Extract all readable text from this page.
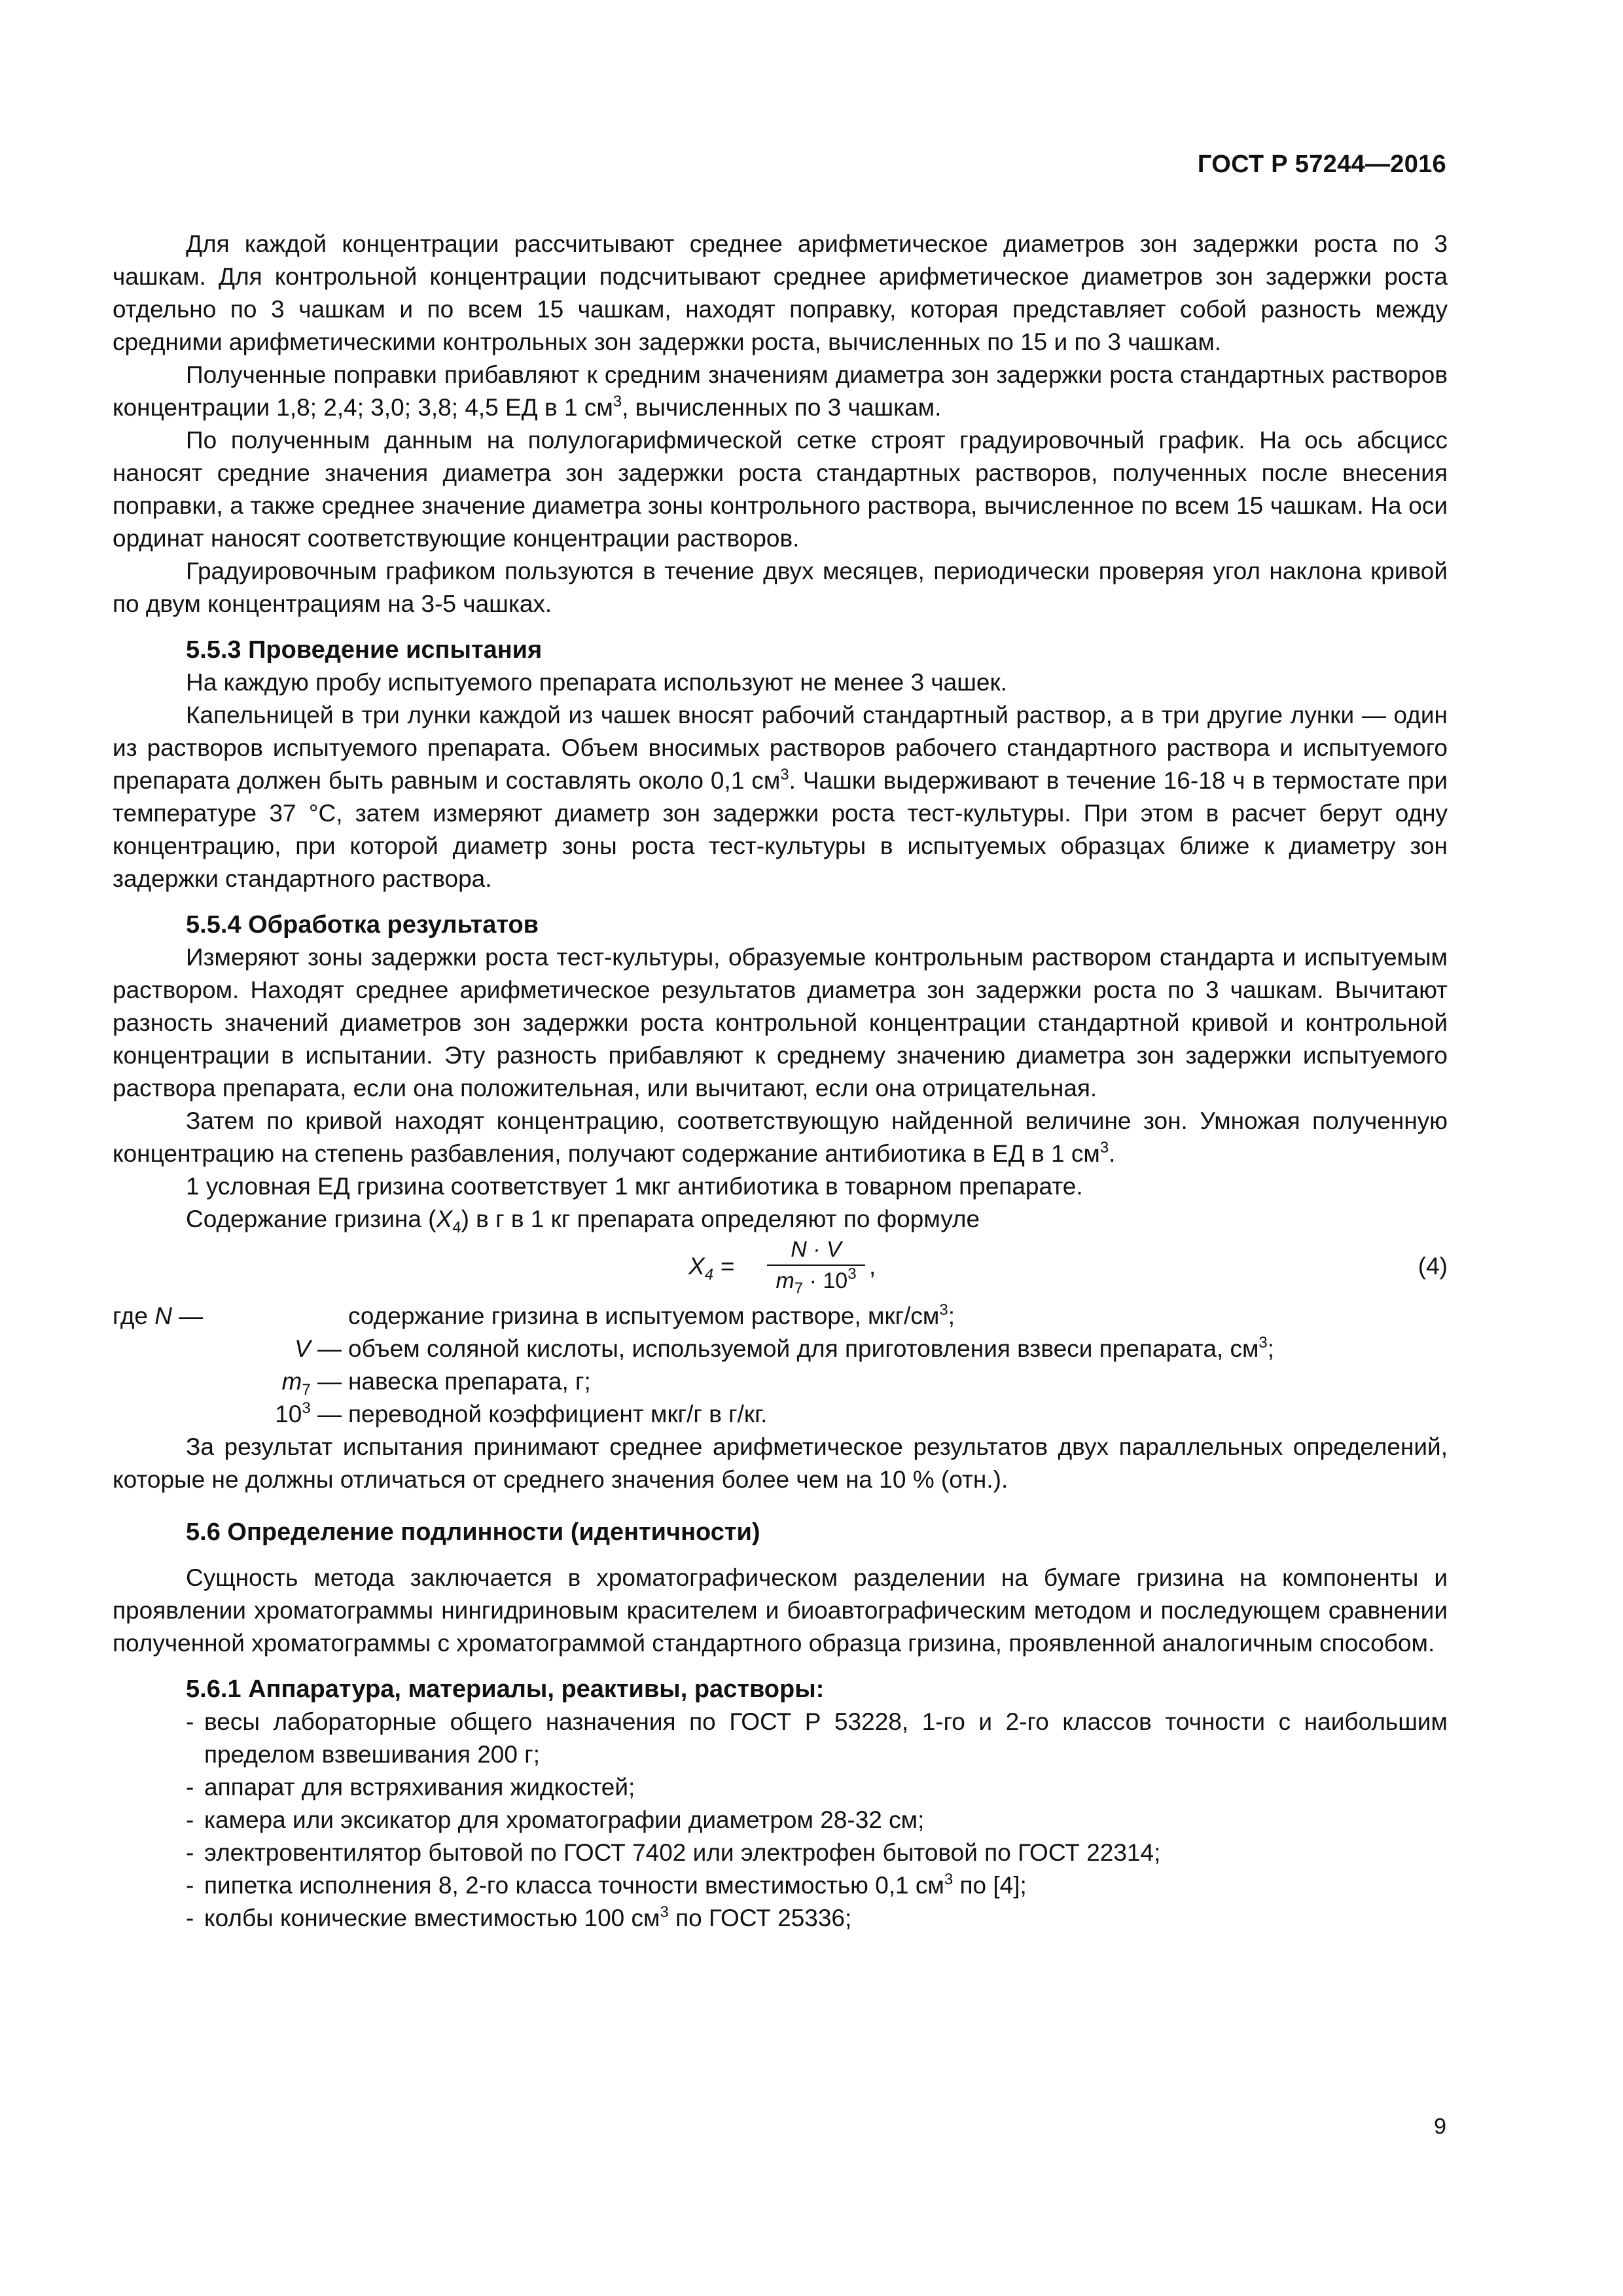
ГОСТ Р 57244—2016

Для каждой концентрации рассчитывают среднее арифметическое диаметров зон задержки роста по 3 чашкам. Для контрольной концентрации подсчитывают среднее арифметическое диаметров зон задержки роста отдельно по 3 чашкам и по всем 15 чашкам, находят поправку, которая представляет собой разность между средними арифметическими контрольных зон задержки роста, вычисленных по 15 и по 3 чашкам.

Полученные поправки прибавляют к средним значениям диаметра зон задержки роста стандартных растворов концентрации 1,8; 2,4; 3,0; 3,8; 4,5 ЕД в 1 $см^3$, вычисленных по 3 чашкам.

По полученным данным на полулогарифмической сетке строят градуировочный график. На ось абсцисс наносят средние значения диаметра зон задержки роста стандартных растворов, полученных после внесения поправки, а также среднее значение диаметра зоны контрольного раствора, вычисленное по всем 15 чашкам. На оси ординат наносят соответствующие концентрации растворов.

Градуировочным графиком пользуются в течение двух месяцев, периодически проверяя угол наклона кривой по двум концентрациям на 3-5 чашках.

5.5.3 Проведение испытания

На каждую пробу испытуемого препарата используют не менее 3 чашек.

Капельницей в три лунки каждой из чашек вносят рабочий стандартный раствор, а в три другие лунки — один из растворов испытуемого препарата. Объем вносимых растворов рабочего стандартного раствора и испытуемого препарата должен быть равным и составлять около 0,1 $см^3$. Чашки выдерживают в течение 16-18 ч в термостате при температуре 37 °С, затем измеряют диаметр зон задержки роста тест-культуры. При этом в расчет берут одну концентрацию, при которой диаметр зоны роста тест-культуры в испытуемых образцах ближе к диаметру зон задержки стандартного раствора.

5.5.4 Обработка результатов

Измеряют зоны задержки роста тест-культуры, образуемые контрольным раствором стандарта и испытуемым раствором. Находят среднее арифметическое результатов диаметра зон задержки роста по 3 чашкам. Вычитают разность значений диаметров зон задержки роста контрольной концентрации стандартной кривой и контрольной концентрации в испытании. Эту разность прибавляют к среднему значению диаметра зон задержки испытуемого раствора препарата, если она положительная, или вычитают, если она отрицательная.

Затем по кривой находят концентрацию, соответствующую найденной величине зон. Умножая полученную концентрацию на степень разбавления, получают содержание антибиотика в ЕД в 1 $см^3$.

1 условная ЕД гризина соответствует 1 мкг антибиотика в товарном препарате.

Содержание гризина $(X_4)$ в г в 1 кг препарата определяют по формуле

$X_4 = \frac{N \cdot V}{m_7 \cdot 10^3}$ ,	(4)
где N —	содержание гризина в испытуемом растворе, мкг/$см^3$;
V — объем соляной кислоты, используемой для приготовления взвеси препарата, $см^3$;
$m_7$ — навеска препарата, г;
$10^3$ — переводной коэффициент мкг/г в г/кг.

За результат испытания принимают среднее арифметическое результатов двух параллельных определений, которые не должны отличаться от среднего значения более чем на 10 % (отн.).

5.6 Определение подлинности (идентичности)

Сущность метода заключается в хроматографическом разделении на бумаге гризина на компоненты и проявлении хроматограммы нингидриновым красителем и биоавтографическим методом и последующем сравнении полученной хроматограммы с хроматограммой стандартного образца гризина, проявленной аналогичным способом.

5.6.1 Аппаратура, материалы, реактивы, растворы:
- весы лабораторные общего назначения по ГОСТ Р 53228, 1-го и 2-го классов точности с наибольшим пределом взвешивания 200 г;
- аппарат для встряхивания жидкостей;
- камера или эксикатор для хроматографии диаметром 28-32 см;
- электровентилятор бытовой по ГОСТ 7402 или электрофен бытовой по ГОСТ 22314;
- пипетка исполнения 8, 2-го класса точности вместимостью 0,1 $см^3$ по [4];
- колбы конические вместимостью 100 $см^3$ по ГОСТ 25336;
9
